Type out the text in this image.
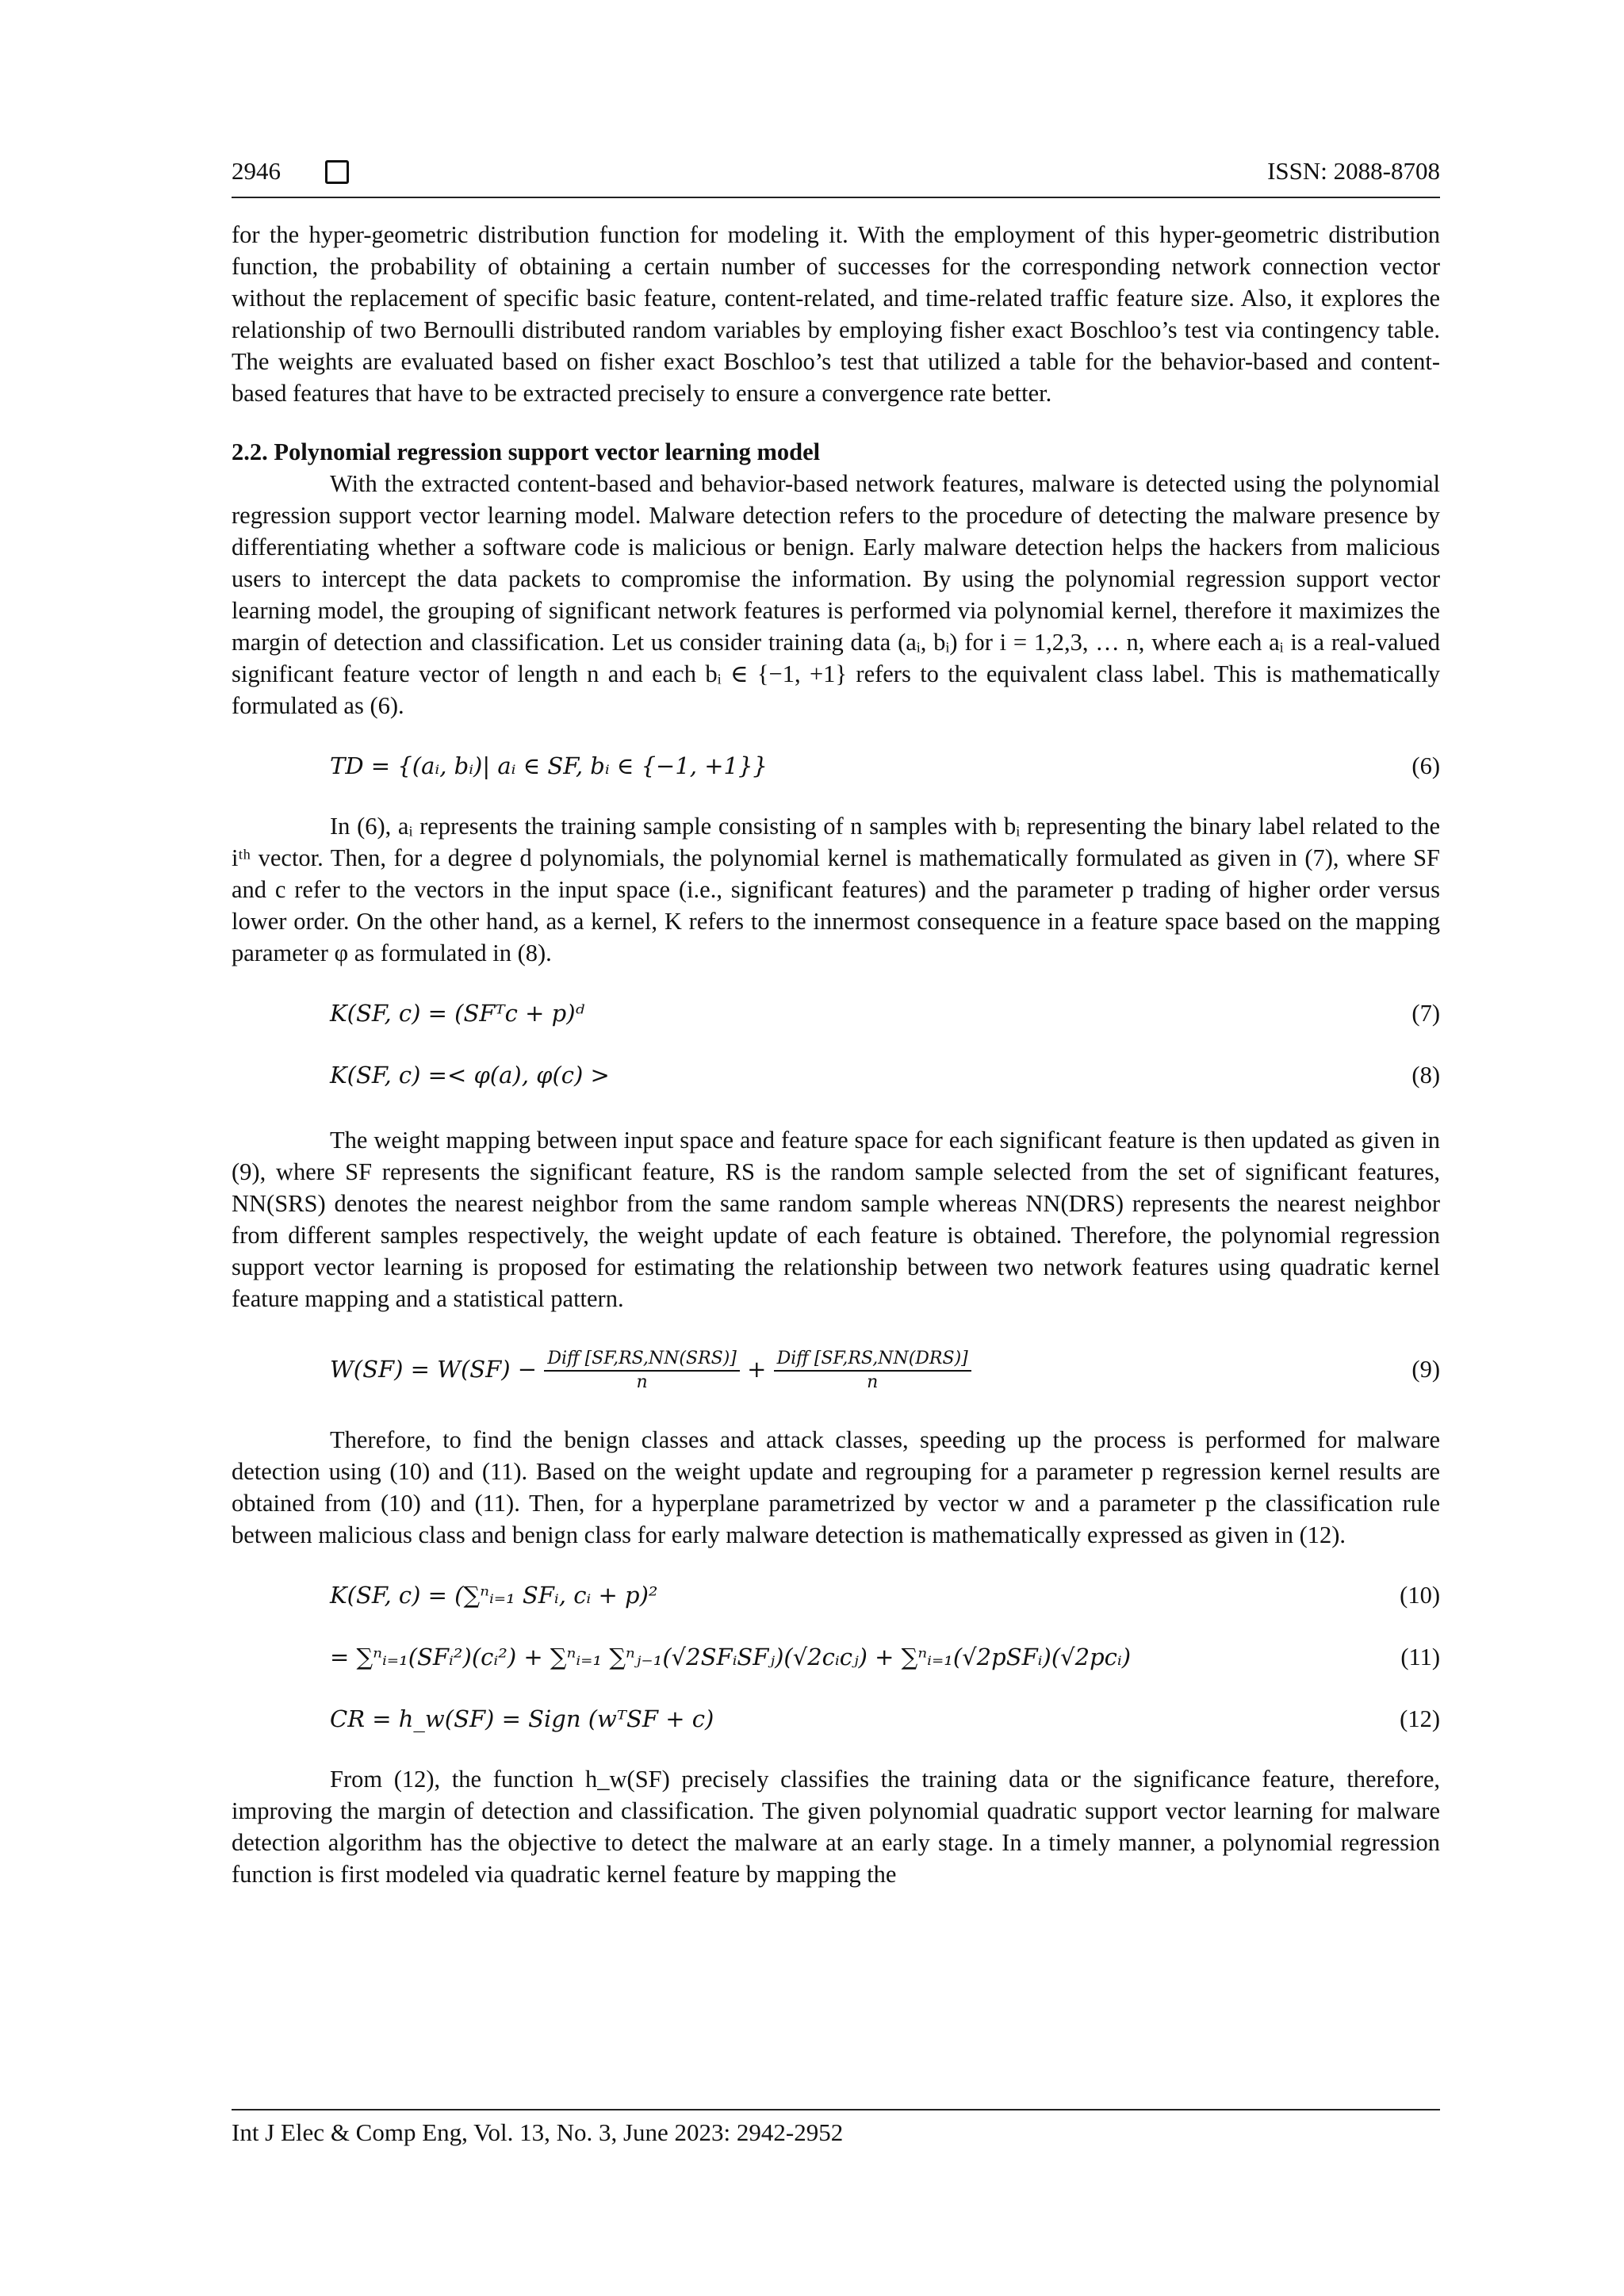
2946	ISSN: 2088-8708

for the hyper-geometric distribution function for modeling it. With the employment of this hyper-geometric distribution function, the probability of obtaining a certain number of successes for the corresponding network connection vector without the replacement of specific basic feature, content-related, and time-related traffic feature size. Also, it explores the relationship of two Bernoulli distributed random variables by employing fisher exact Boschloo’s test via contingency table. The weights are evaluated based on fisher exact Boschloo’s test that utilized a table for the behavior-based and content-based features that have to be extracted precisely to ensure a convergence rate better.

2.2. Polynomial regression support vector learning model

With the extracted content-based and behavior-based network features, malware is detected using the polynomial regression support vector learning model. Malware detection refers to the procedure of detecting the malware presence by differentiating whether a software code is malicious or benign. Early malware detection helps the hackers from malicious users to intercept the data packets to compromise the information. By using the polynomial regression support vector learning model, the grouping of significant network features is performed via polynomial kernel, therefore it maximizes the margin of detection and classification. Let us consider training data (aᵢ, bᵢ) for i = 1,2,3, … n, where each aᵢ is a real-valued significant feature vector of length n and each bᵢ ∈ {−1, +1} refers to the equivalent class label. This is mathematically formulated as (6).

TD = {(aᵢ, bᵢ)| aᵢ ∈ SF, bᵢ ∈ {−1, +1}}	(6)

In (6), aᵢ represents the training sample consisting of n samples with bᵢ representing the binary label related to the iᵗʰ vector. Then, for a degree d polynomials, the polynomial kernel is mathematically formulated as given in (7), where SF and c refer to the vectors in the input space (i.e., significant features) and the parameter p trading of higher order versus lower order. On the other hand, as a kernel, K refers to the innermost consequence in a feature space based on the mapping parameter φ as formulated in (8).

K(SF, c) = (SFᵀc + p)ᵈ	(7)
K(SF, c) =< φ(a), φ(c) >	(8)

The weight mapping between input space and feature space for each significant feature is then updated as given in (9), where SF represents the significant feature, RS is the random sample selected from the set of significant features, NN(SRS) denotes the nearest neighbor from the same random sample whereas NN(DRS) represents the nearest neighbor from different samples respectively, the weight update of each feature is obtained. Therefore, the polynomial regression support vector learning is proposed for estimating the relationship between two network features using quadratic kernel feature mapping and a statistical pattern.

$W(SF) = W(SF) - \frac{\text{Diff [SF,RS,NN(SRS)]}}{n} + \frac{\text{Diff [SF,RS,NN(DRS)]}}{n}$	(9)

Therefore, to find the benign classes and attack classes, speeding up the process is performed for malware detection using (10) and (11). Based on the weight update and regrouping for a parameter p regression kernel results are obtained from (10) and (11). Then, for a hyperplane parametrized by vector w and a parameter p the classification rule between malicious class and benign class for early malware detection is mathematically expressed as given in (12).

K(SF, c) = (∑ⁿᵢ₌₁ SFᵢ, cᵢ + p)²	(10)
= ∑ⁿᵢ₌₁(SFᵢ²)(cᵢ²) + ∑ⁿᵢ₌₁ ∑ⁿⱼ₋₁(√2SFᵢSFⱼ)(√2cᵢcⱼ) + ∑ⁿᵢ₌₁(√2pSFᵢ)(√2pcᵢ)	(11)
CR = h_w(SF) = Sign (wᵀSF + c)	(12)

From (12), the function h_w(SF) precisely classifies the training data or the significance feature, therefore, improving the margin of detection and classification. The given polynomial quadratic support vector learning for malware detection algorithm has the objective to detect the malware at an early stage. In a timely manner, a polynomial regression function is first modeled via quadratic kernel feature by mapping the

Int J Elec & Comp Eng, Vol. 13, No. 3, June 2023: 2942-2952
